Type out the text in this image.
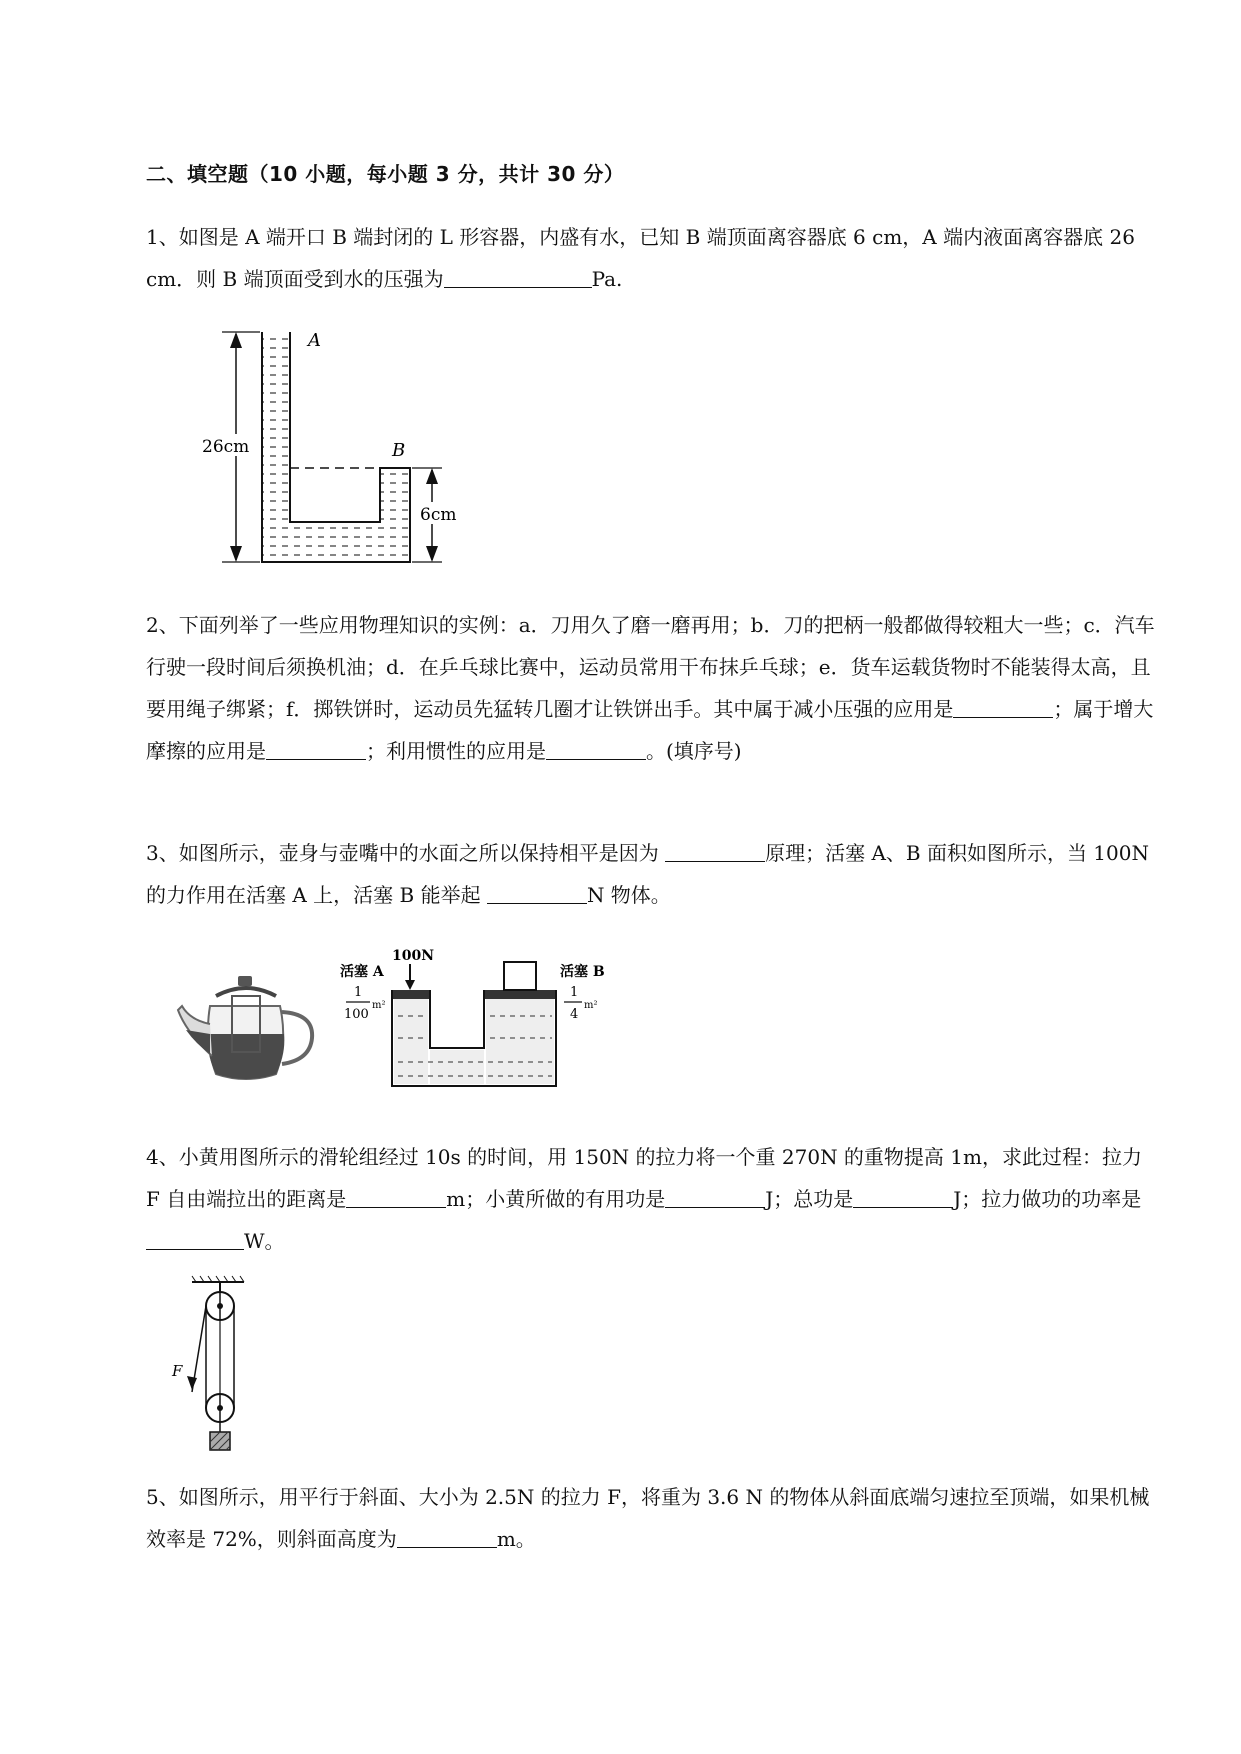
二、填空题（10 小题，每小题 3 分，共计 30 分）
1、如图是 A 端开口 B 端封闭的 L 形容器，内盛有水，已知 B 端顶面离容器底 6 cm，A 端内液面离容器底 26 cm．则 B 端顶面受到水的压强为	Pa.
A
B
26cm
6cm
2、下面列举了一些应用物理知识的实例：a．刀用久了磨一磨再用；b．刀的把柄一般都做得较粗大一些；c．汽车行驶一段时间后须换机油；d．在乒乓球比赛中，运动员常用干布抹乒乓球；e．货车运载货物时不能装得太高，且要用绳子绑紧；f．掷铁饼时，运动员先猛转几圈才让铁饼出手。其中属于减小压强的应用是	；属于增大摩擦的应用是	；利用惯性的应用是	。(填序号)
3、如图所示，壶身与壶嘴中的水面之所以保持相平是因为	原理；活塞 A、B 面积如图所示，当 100N 的力作用在活塞 A 上，活塞 B 能举起	N 物体。
活塞 A
1
100
m²
100N
活塞 B
1
4
m²
4、小黄用图所示的滑轮组经过 10s 的时间，用 150N 的拉力将一个重 270N 的重物提高 1m，求此过程：拉力 F 自由端拉出的距离是	m；小黄所做的有用功是	J；总功是	J；拉力做功的功率是W。
F
5、如图所示，用平行于斜面、大小为 2.5N 的拉力 F，将重为 3.6 N 的物体从斜面底端匀速拉至顶端，如果机械效率是 72%，则斜面高度为	m。
